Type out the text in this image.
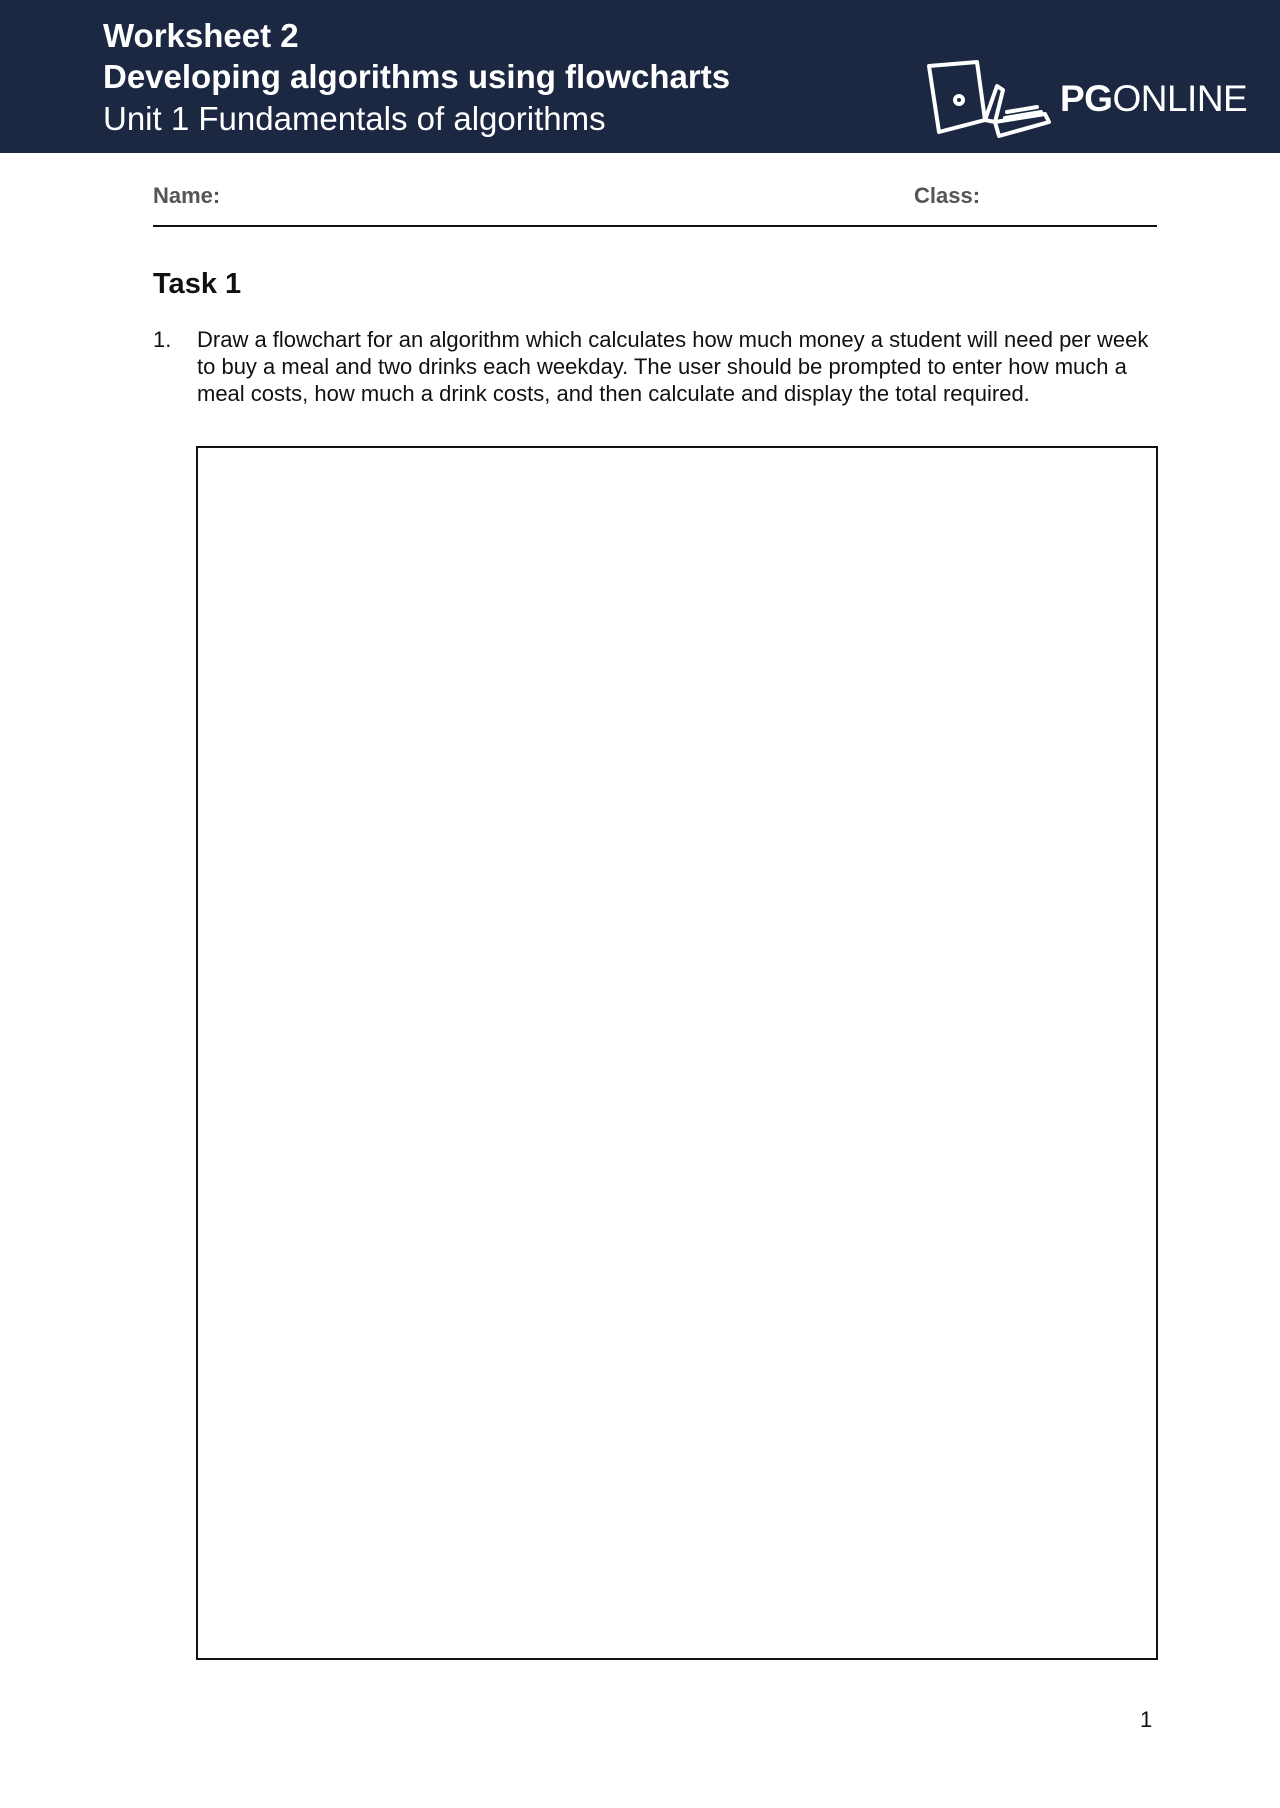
Worksheet 2
Developing algorithms using flowcharts
Unit 1 Fundamentals of algorithms	PGONLINE
Name:	Class:
Task 1
1. Draw a flowchart for an algorithm which calculates how much money a student will need per week to buy a meal and two drinks each weekday. The user should be prompted to enter how much a meal costs, how much a drink costs, and then calculate and display the total required.
1
